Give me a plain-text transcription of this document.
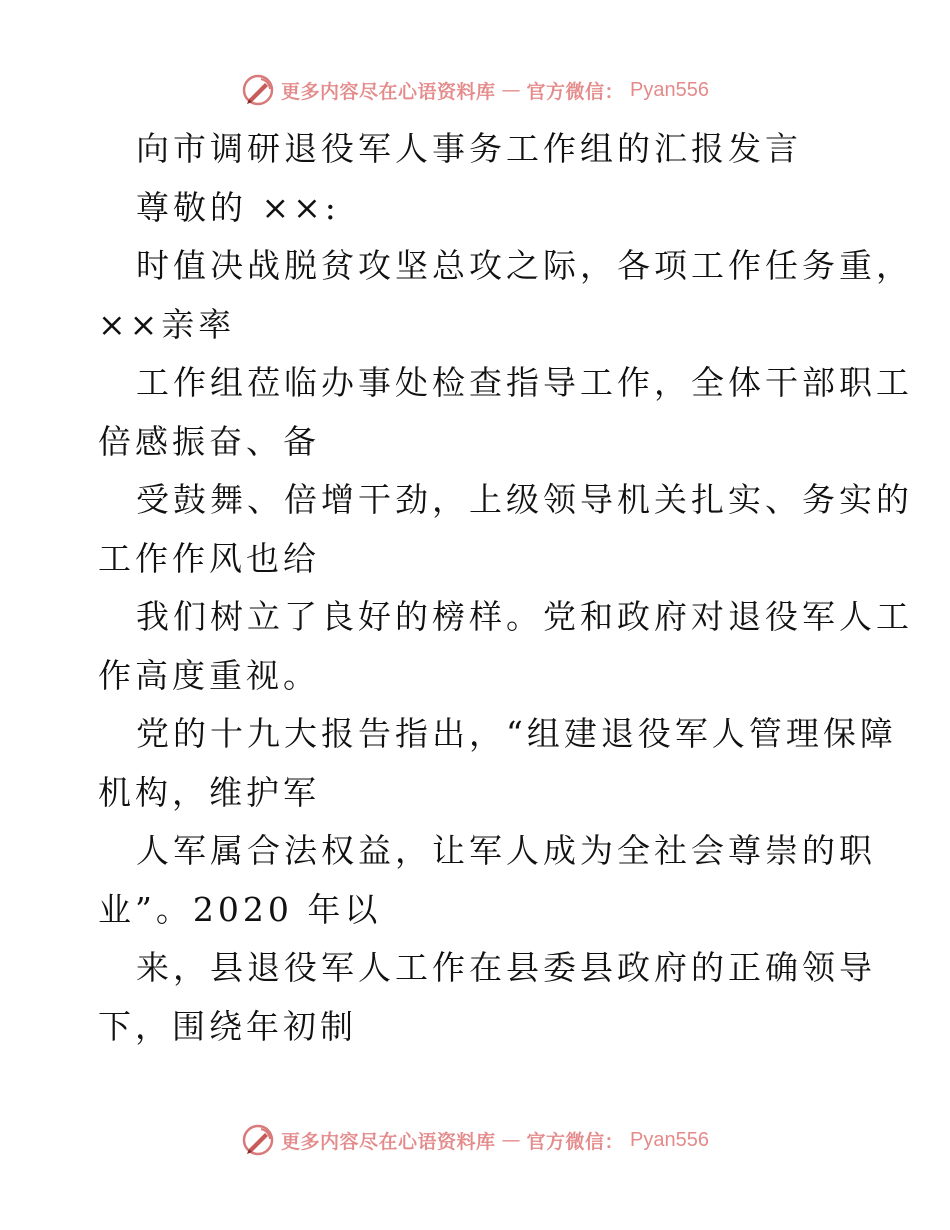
更多内容尽在心语资料库 — 官方微信： Pyan556
向市调研退役军人事务工作组的汇报发言
尊敬的 ××:
时值决战脱贫攻坚总攻之际，各项工作任务重，
××亲率
工作组莅临办事处检查指导工作，全体干部职工
倍感振奋、备
受鼓舞、倍增干劲，上级领导机关扎实、务实的
工作作风也给
我们树立了良好的榜样。党和政府对退役军人工
作高度重视。
党的十九大报告指出，“组建退役军人管理保障
机构，维护军
人军属合法权益，让军人成为全社会尊崇的职
业”。2020 年以
来，县退役军人工作在县委县政府的正确领导
下，围绕年初制
更多内容尽在心语资料库 — 官方微信： Pyan556
